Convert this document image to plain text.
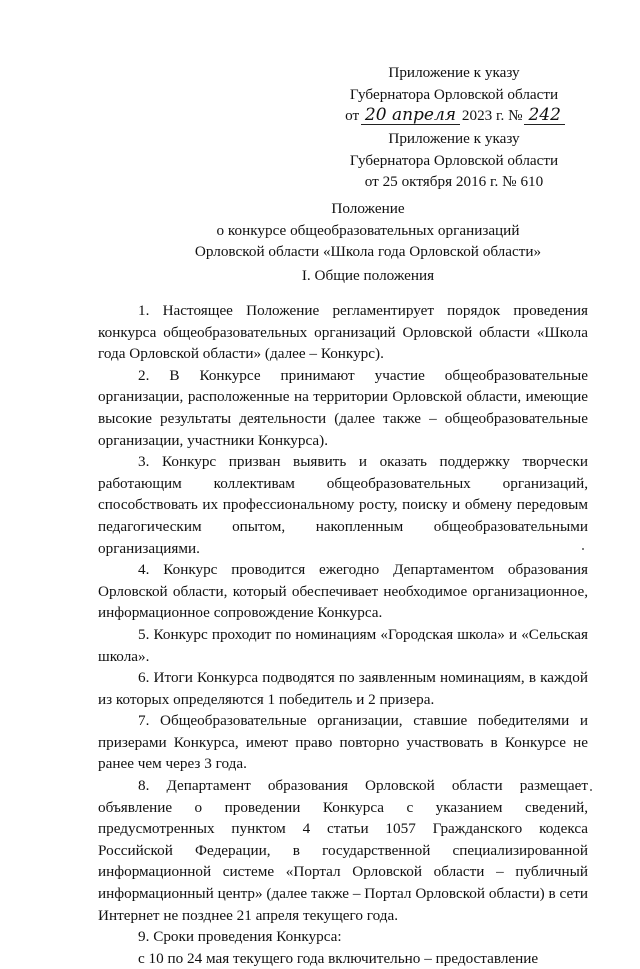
Приложение к указу
Губернатора Орловской области
от 20 апреля 2023 г. № 242
Приложение к указу
Губернатора Орловской области
от 25 октября 2016 г. № 610
Положение
о конкурсе общеобразовательных организаций
Орловской области «Школа года Орловской области»
I. Общие положения

1. Настоящее Положение регламентирует порядок проведения конкурса общеобразовательных организаций Орловской области «Школа года Орловской области» (далее – Конкурс).

2. В Конкурсе принимают участие общеобразовательные организации, расположенные на территории Орловской области, имеющие высокие результаты деятельности (далее также – общеобразовательные организации, участники Конкурса).

3. Конкурс призван выявить и оказать поддержку творчески работающим коллективам общеобразовательных организаций, способствовать их профессиональному росту, поиску и обмену передовым педагогическим опытом, накопленным общеобразовательными организациями.

4. Конкурс проводится ежегодно Департаментом образования Орловской области, который обеспечивает необходимое организационное, информационное сопровождение Конкурса.

5. Конкурс проходит по номинациям «Городская школа» и «Сельская школа».

6. Итоги Конкурса подводятся по заявленным номинациям, в каждой из которых определяются 1 победитель и 2 призера.

7. Общеобразовательные организации, ставшие победителями и призерами Конкурса, имеют право повторно участвовать в Конкурсе не ранее чем через 3 года.

8. Департамент образования Орловской области размещает объявление о проведении Конкурса с указанием сведений, предусмотренных пунктом 4 статьи 1057 Гражданского кодекса Российской Федерации, в государственной специализированной информационной системе «Портал Орловской области – публичный информационный центр» (далее также – Портал Орловской области) в сети Интернет не позднее 21 апреля текущего года.

9. Сроки проведения Конкурса:

с 10 по 24 мая текущего года включительно – предоставление
